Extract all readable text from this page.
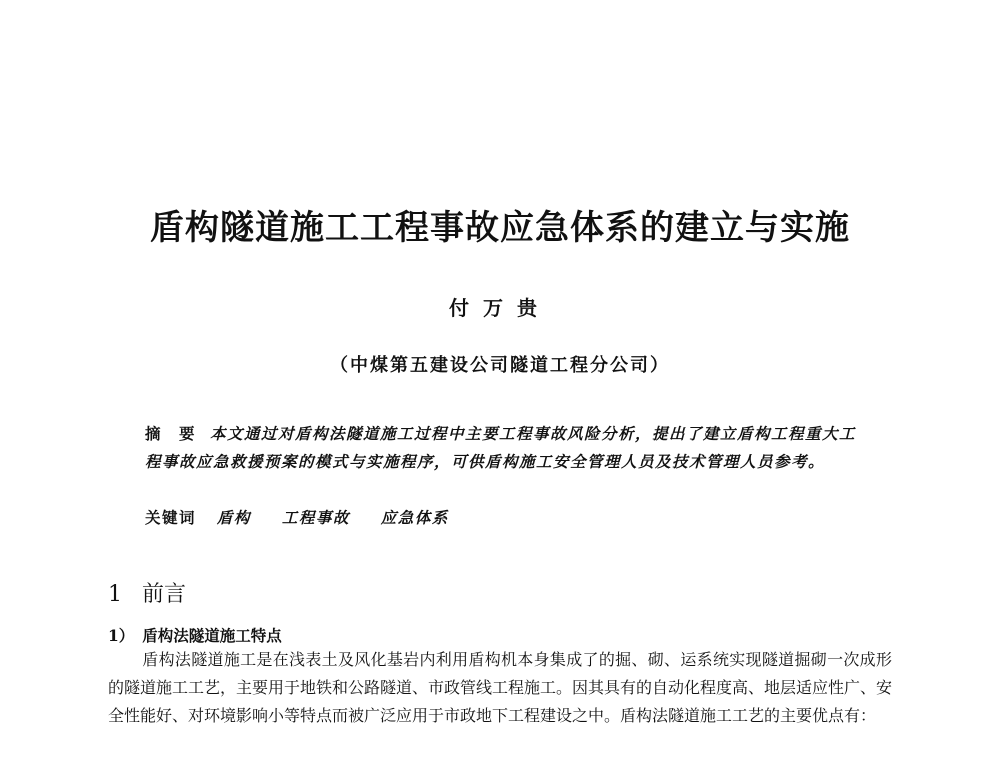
盾构隧道施工工程事故应急体系的建立与实施
付万贵
（中煤第五建设公司隧道工程分公司）
摘　要 本文通过对盾构法隧道施工过程中主要工程事故风险分析，提出了建立盾构工程重大工程事故应急救援预案的模式与实施程序，可供盾构施工安全管理人员及技术管理人员参考。
关键词 盾构 工程事故 应急体系
1 前言
1） 盾构法隧道施工特点
盾构法隧道施工是在浅表土及风化基岩内利用盾构机本身集成了的掘、砌、运系统实现隧道掘砌一次成形的隧道施工工艺，主要用于地铁和公路隧道、市政管线工程施工。因其具有的自动化程度高、地层适应性广、安全性能好、对环境影响小等特点而被广泛应用于市政地下工程建设之中。盾构法隧道施工工艺的主要优点有：
